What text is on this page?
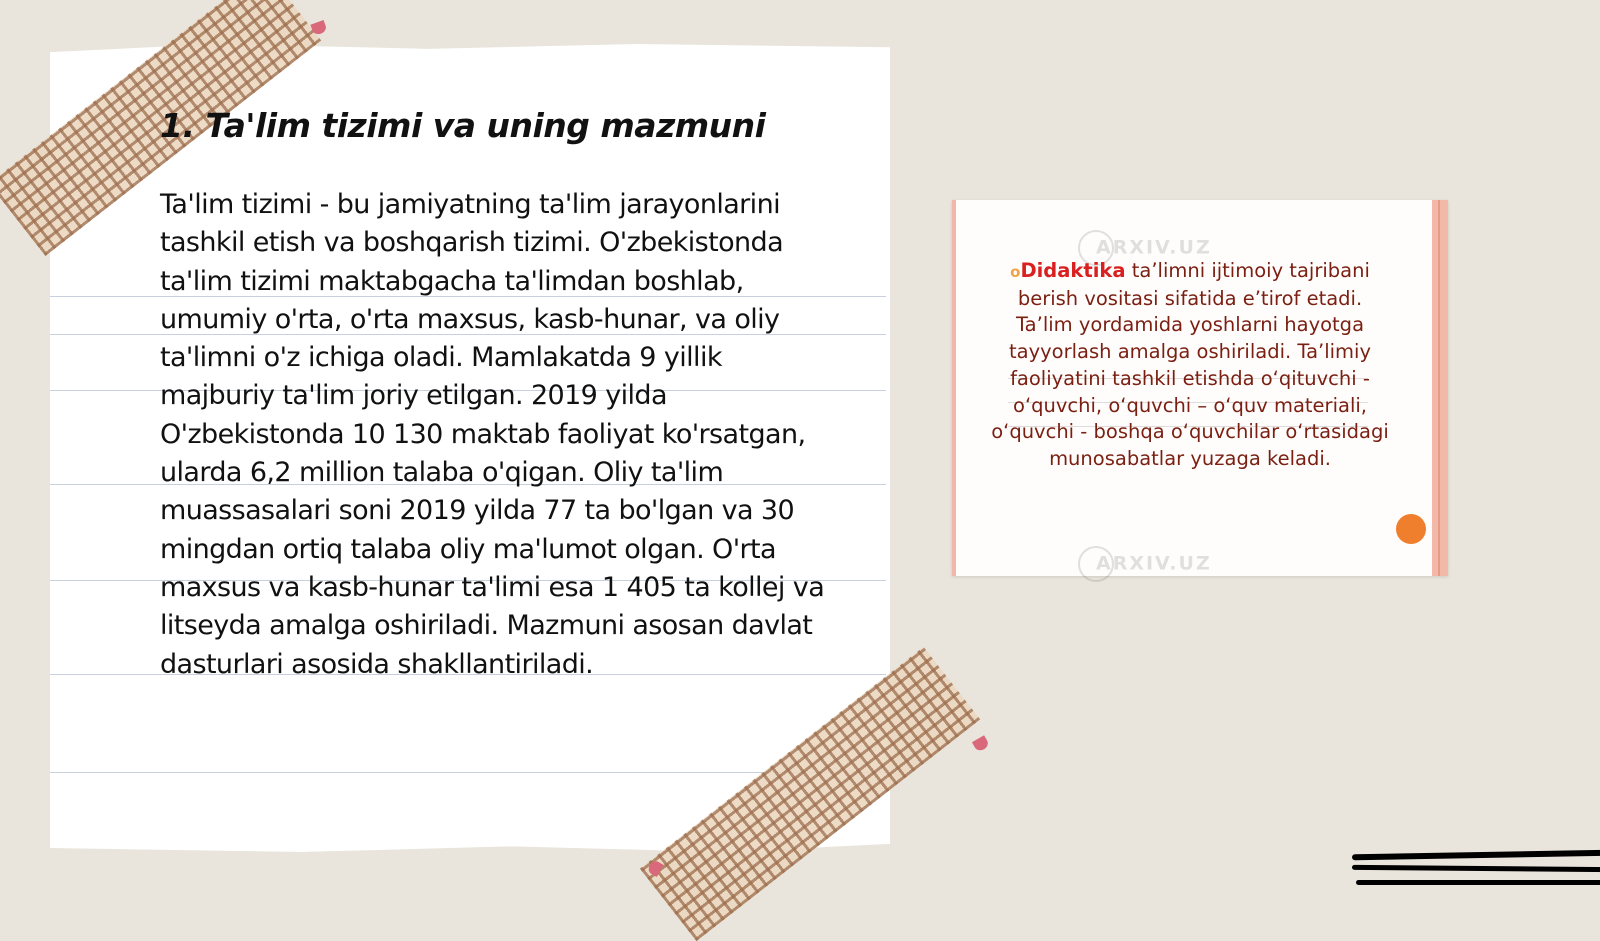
1. Ta'lim tizimi va uning mazmuni

Ta'lim tizimi - bu jamiyatning ta'lim jarayonlarini tashkil etish va boshqarish tizimi. O'zbekistonda ta'lim tizimi maktabgacha ta'limdan boshlab, umumiy o'rta, o'rta maxsus, kasb-hunar, va oliy ta'limni o'z ichiga oladi. Mamlakatda 9 yillik majburiy ta'lim joriy etilgan. 2019 yilda O'zbekistonda 10 130 maktab faoliyat ko'rsatgan, ularda 6,2 million talaba o'qigan. Oliy ta'lim muassasalari soni 2019 yilda 77 ta bo'lgan va 30 mingdan ortiq talaba oliy ma'lumot olgan. O'rta maxsus va kasb-hunar ta'limi esa 1 405 ta kollej va litseyda amalga oshiriladi. Mazmuni asosan davlat dasturlari asosida shakllantiriladi.

ARXIV.UZ
ARXIV.UZ

oDidaktika ta’limni ijtimoiy tajribani berish vositasi sifatida e’tirof etadi. Ta’lim yordamida yoshlarni hayotga tayyorlash amalga oshiriladi. Ta’limiy faoliyatini tashkil etishda o‘qituvchi - o‘quvchi, o‘quvchi – o‘quv materiali, o‘quvchi - boshqa o‘quvchilar o‘rtasidagi munosabatlar yuzaga keladi.
